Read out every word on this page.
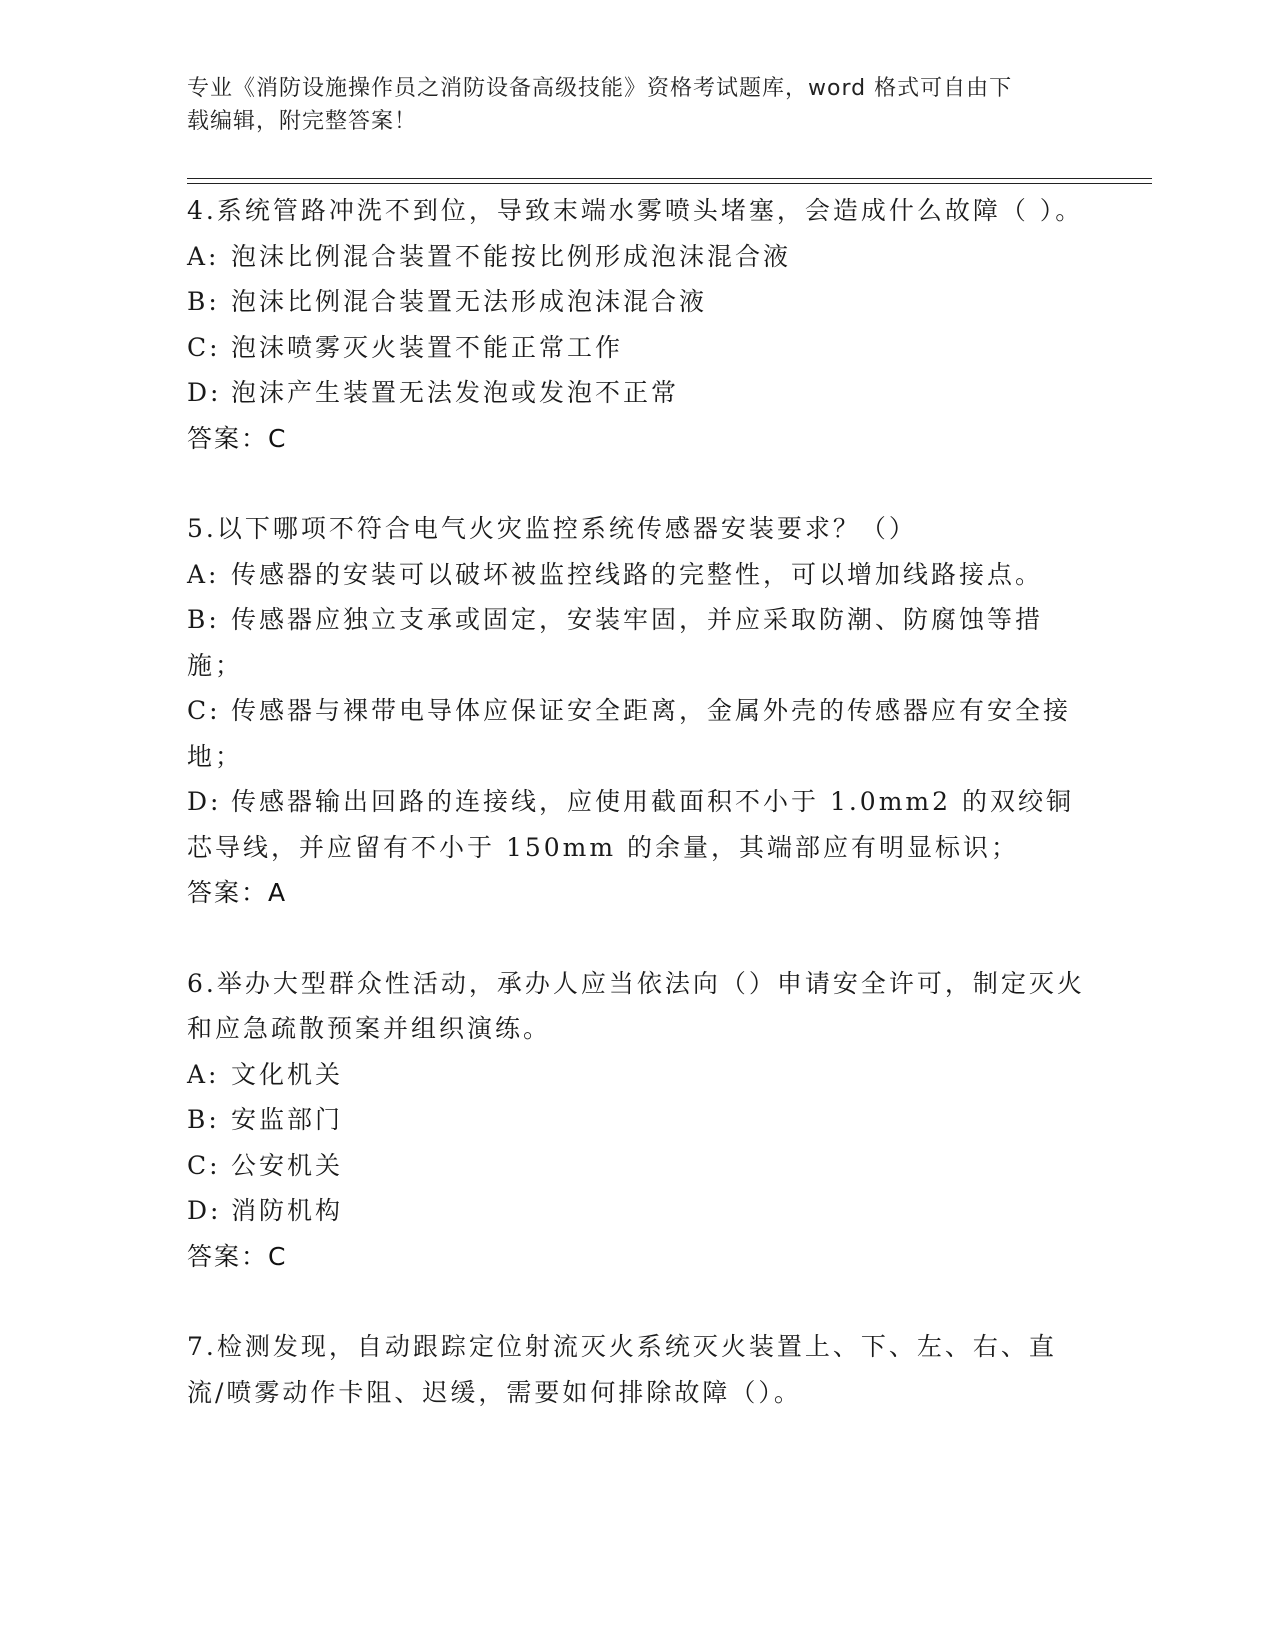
专业《消防设施操作员之消防设备高级技能》资格考试题库，word 格式可自由下
载编辑，附完整答案！

4.系统管路冲洗不到位，导致末端水雾喷头堵塞，会造成什么故障（ ）。

A: 泡沫比例混合装置不能按比例形成泡沫混合液

B: 泡沫比例混合装置无法形成泡沫混合液

C: 泡沫喷雾灭火装置不能正常工作

D: 泡沫产生装置无法发泡或发泡不正常

答案：C

5.以下哪项不符合电气火灾监控系统传感器安装要求？（）

A: 传感器的安装可以破坏被监控线路的完整性，可以增加线路接点。

B: 传感器应独立支承或固定，安装牢固，并应采取防潮、防腐蚀等措施；

C: 传感器与裸带电导体应保证安全距离，金属外壳的传感器应有安全接地；

D: 传感器输出回路的连接线，应使用截面积不小于 1.0mm2 的双绞铜芯导线，并应留有不小于 150mm 的余量，其端部应有明显标识；

答案：A

6.举办大型群众性活动，承办人应当依法向（）申请安全许可，制定灭火和应急疏散预案并组织演练。

A: 文化机关

B: 安监部门

C: 公安机关

D: 消防机构

答案：C

7.检测发现，自动跟踪定位射流灭火系统灭火装置上、下、左、右、直流/喷雾动作卡阻、迟缓，需要如何排除故障（）。
